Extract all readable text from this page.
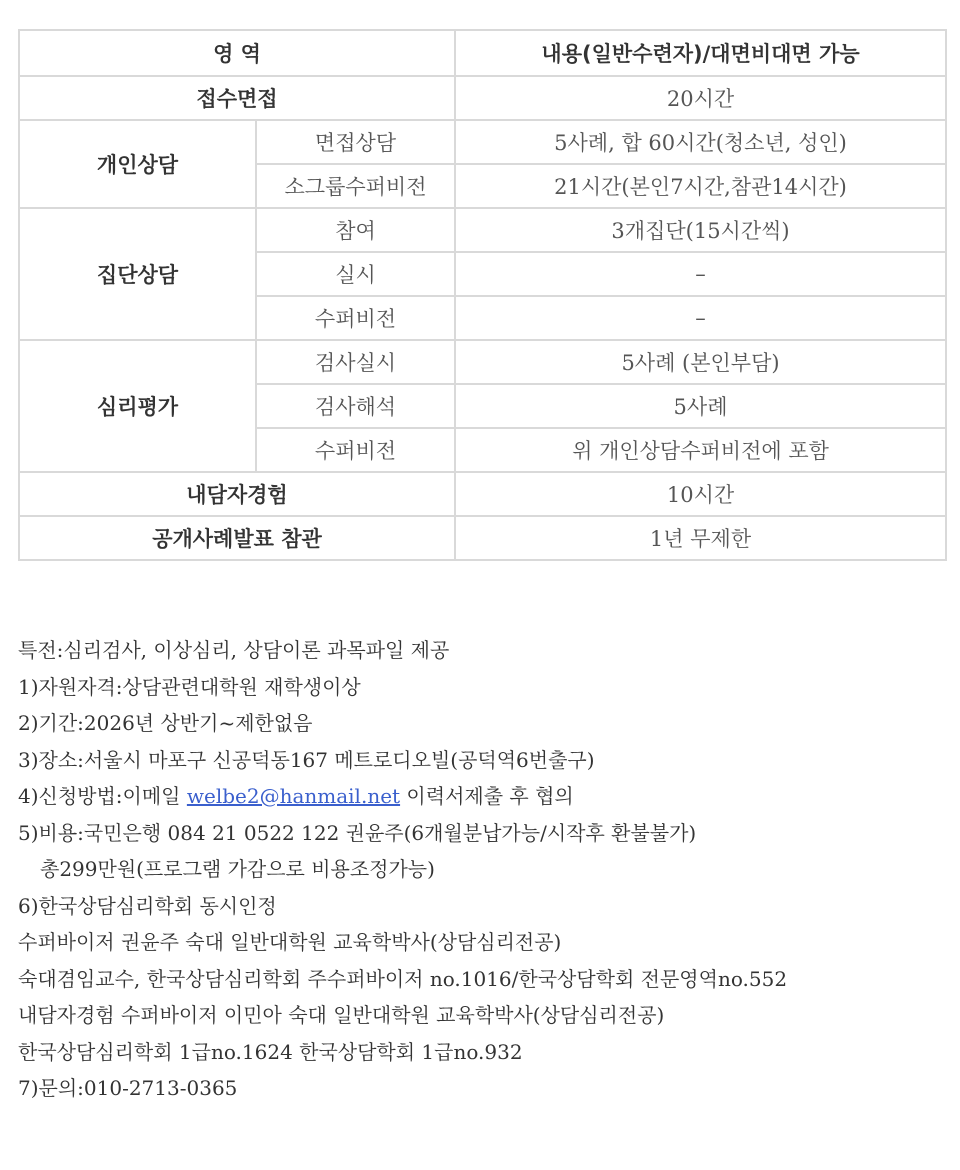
영 역		내용(일반수련자)/대면비대면 가능
접수면접		20시간
개인상담	면접상담	5사례, 합 60시간(청소년, 성인)
	소그룹수퍼비전	21시간(본인7시간,참관14시간)
집단상담	참여	3개집단(15시간씩)
	실시	–
	수퍼비전	–
심리평가	검사실시	5사례 (본인부담)
	검사해석	5사례
	수퍼비전	위 개인상담수퍼비전에 포함
내담자경험		10시간
공개사례발표 참관		1년 무제한
특전:심리검사, 이상심리, 상담이론 과목파일 제공
1)자원자격:상담관련대학원 재학생이상
2)기간:2026년 상반기~제한없음
3)장소:서울시 마포구 신공덕동167 메트로디오빌(공덕역6번출구)
4)신청방법:이메일 welbe2@hanmail.net 이력서제출 후 협의
5)비용:국민은행 084 21 0522 122 권윤주(6개월분납가능/시작후 환불불가)
총299만원(프로그램 가감으로 비용조정가능)
6)한국상담심리학회 동시인정
수퍼바이저 권윤주 숙대 일반대학원 교육학박사(상담심리전공)
숙대겸임교수, 한국상담심리학회 주수퍼바이저 no.1016/한국상담학회 전문영역no.552
내담자경험 수퍼바이저 이민아 숙대 일반대학원 교육학박사(상담심리전공)
한국상담심리학회 1급no.1624 한국상담학회 1급no.932
7)문의:010-2713-0365
